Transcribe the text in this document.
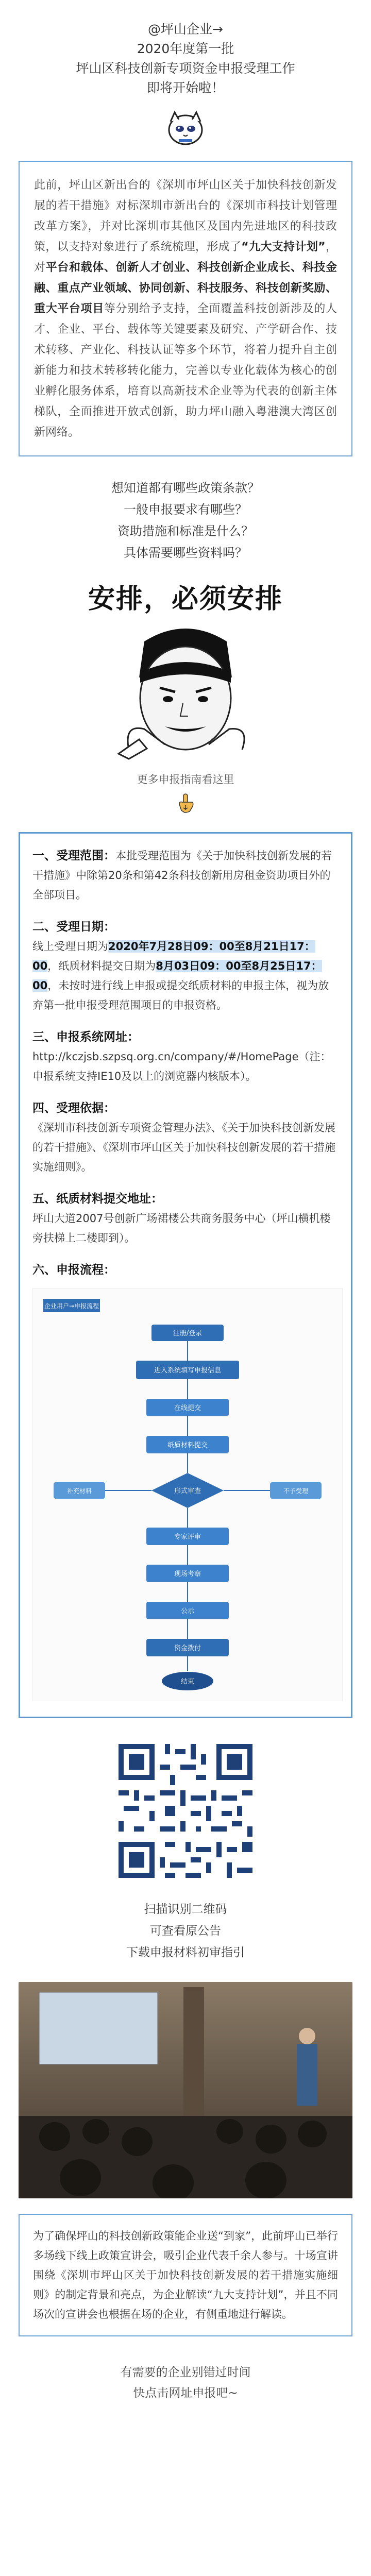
@坪山企业→
2020年度第一批
坪山区科技创新专项资金申报受理工作
即将开始啦！
此前，坪山区新出台的《深圳市坪山区关于加快科技创新发展的若干措施》对标深圳市新出台的《深圳市科技计划管理改革方案》，并对比深圳市其他区及国内先进地区的科技政策，以支持对象进行了系统梳理，形成了“九大支持计划”，对平台和载体、创新人才创业、科技创新企业成长、科技金融、重点产业领域、协同创新、科技服务、科技创新奖励、重大平台项目等分别给予支持，全面覆盖科技创新涉及的人才、企业、平台、载体等关键要素及研究、产学研合作、技术转移、产业化、科技认证等多个环节，将着力提升自主创新能力和技术转移转化能力，完善以专业化载体为核心的创业孵化服务体系，培育以高新技术企业等为代表的创新主体梯队，全面推进开放式创新，助力坪山融入粤港澳大湾区创新网络。
想知道都有哪些政策条款？
一般申报要求有哪些？
资助措施和标准是什么？
具体需要哪些资料吗？
安排，必须安排
更多申报指南看这里
一、受理范围：本批受理范围为《关于加快科技创新发展的若干措施》中除第20条和第42条科技创新用房租金资助项目外的全部项目。
二、受理日期：
线上受理日期为2020年7月28日09：00至8月21日17：00，纸质材料提交日期为8月03日09：00至8月25日17：00，未按时进行线上申报或提交纸质材料的申报主体，视为放弃第一批申报受理范围项目的申报资格。
三、申报系统网址：
http://kczjsb.szpsq.org.cn/company/#/HomePage（注：申报系统支持IE10及以上的浏览器内核版本）。
四、受理依据：
《深圳市科技创新专项资金管理办法》、《关于加快科技创新发展的若干措施》、《深圳市坪山区关于加快科技创新发展的若干措施实施细则》。
五、纸质材料提交地址：
坪山大道2007号创新广场裙楼公共商务服务中心（坪山横机楼旁扶梯上二楼即到）。
六、申报流程：
企业用户→申报流程
注册/登录
进入系统填写申报信息
在线提交
纸质材料提交
形式审查
补充材料	不予受理
专家评审
现场考察
公示
资金拨付
结束
扫描识别二维码
可查看原公告
下载申报材料初审指引
为了确保坪山的科技创新政策能企业送“到家”，此前坪山已举行多场线下线上政策宣讲会，吸引企业代表千余人参与。十场宣讲围绕《深圳市坪山区关于加快科技创新发展的若干措施实施细则》的制定背景和亮点，为企业解读“九大支持计划”，并且不同场次的宣讲会也根据在场的企业，有侧重地进行解读。
有需要的企业别错过时间
快点击网址申报吧~
